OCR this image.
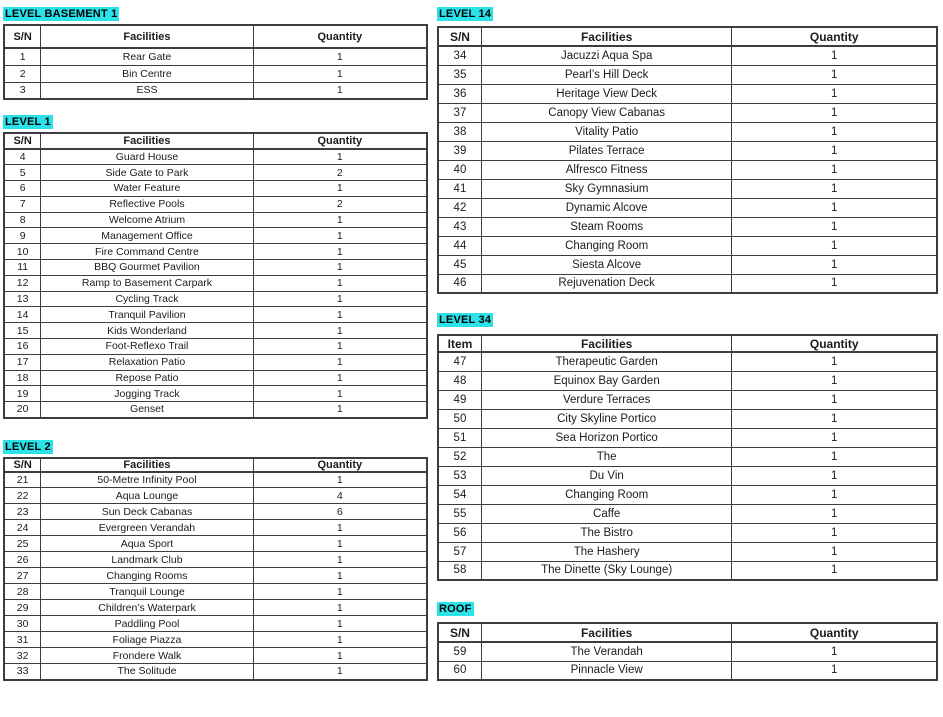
LEVEL BASEMENT 1
S/N	Facilities	Quantity
1	Rear Gate	1
2	Bin Centre	1
3	ESS	1
LEVEL 1
S/N	Facilities	Quantity
4	Guard House	1
5	Side Gate to Park	2
6	Water Feature	1
7	Reflective Pools	2
8	Welcome Atrium	1
9	Management Office	1
10	Fire Command Centre	1
11	BBQ Gourmet Pavilion	1
12	Ramp to Basement Carpark	1
13	Cycling Track	1
14	Tranquil Pavilion	1
15	Kids Wonderland	1
16	Foot-Reflexo Trail	1
17	Relaxation Patio	1
18	Repose Patio	1
19	Jogging Track	1
20	Genset	1
LEVEL 2
S/N	Facilities	Quantity
21	50-Metre Infinity Pool	1
22	Aqua Lounge	4
23	Sun Deck Cabanas	6
24	Evergreen Verandah	1
25	Aqua Sport	1
26	Landmark Club	1
27	Changing Rooms	1
28	Tranquil Lounge	1
29	Children’s Waterpark	1
30	Paddling Pool	1
31	Foliage Piazza	1
32	Frondere Walk	1
33	The Solitude	1
LEVEL 14
S/N	Facilities	Quantity
34	Jacuzzi Aqua Spa	1
35	Pearl’s Hill Deck	1
36	Heritage View Deck	1
37	Canopy View Cabanas	1
38	Vitality Patio	1
39	Pilates Terrace	1
40	Alfresco Fitness	1
41	Sky Gymnasium	1
42	Dynamic Alcove	1
43	Steam Rooms	1
44	Changing Room	1
45	Siesta Alcove	1
46	Rejuvenation Deck	1
LEVEL 34
Item	Facilities	Quantity
47	Therapeutic Garden	1
48	Equinox Bay Garden	1
49	Verdure Terraces	1
50	City Skyline Portico	1
51	Sea Horizon Portico	1
52	The	1
53	Du Vin	1
54	Changing Room	1
55	Caffe	1
56	The Bistro	1
57	The Hashery	1
58	The Dinette (Sky Lounge)	1
ROOF
S/N	Facilities	Quantity
59	The Verandah	1
60	Pinnacle View	1
